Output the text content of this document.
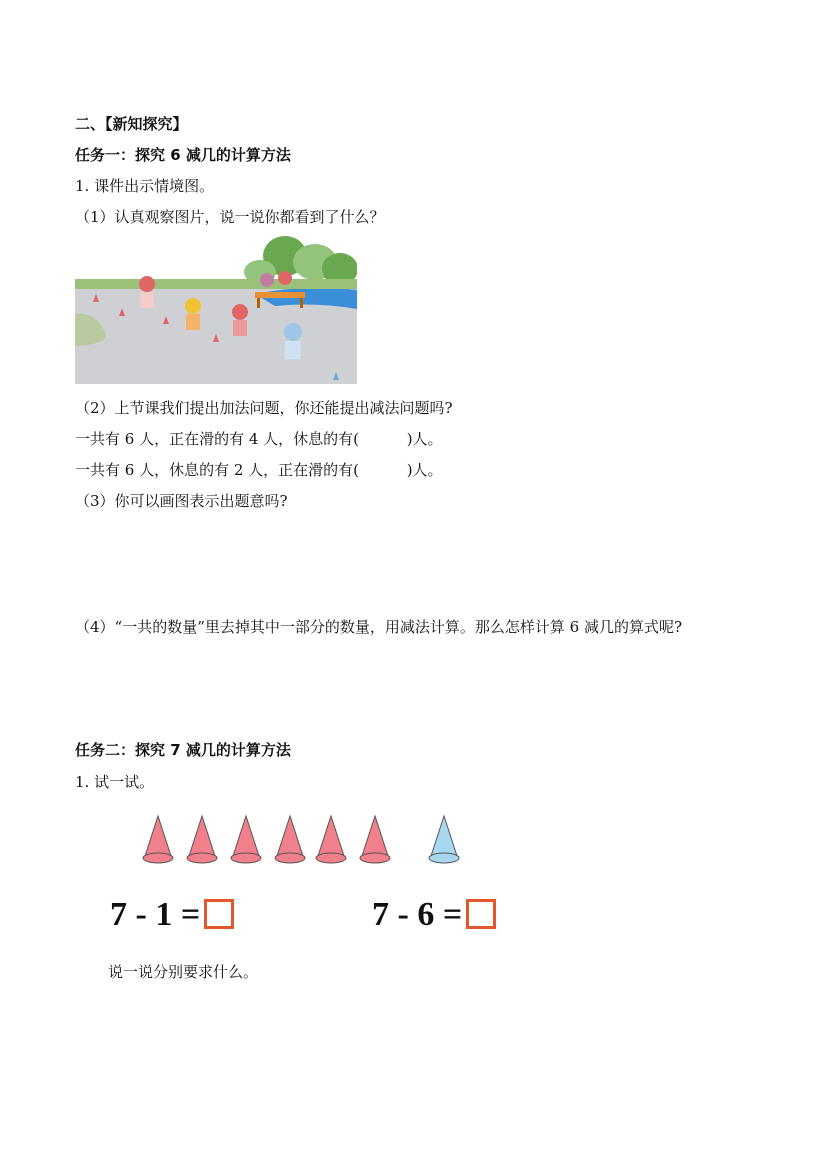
二、【新知探究】
任务一：探究 6 减几的计算方法
1. 课件出示情境图。
（1）认真观察图片，说一说你都看到了什么？
（2）上节课我们提出加法问题，你还能提出减法问题吗?
一共有 6 人，正在滑的有 4 人，休息的有(          )人。
一共有 6 人，休息的有 2 人，正在滑的有(          )人。
（3）你可以画图表示出题意吗?
（4）“一共的数量”里去掉其中一部分的数量，用减法计算。那么怎样计算 6 减几的算式呢?
任务二：探究 7 减几的计算方法
1. 试一试。
7 - 1 =	7 - 6 =
说一说分别要求什么。
